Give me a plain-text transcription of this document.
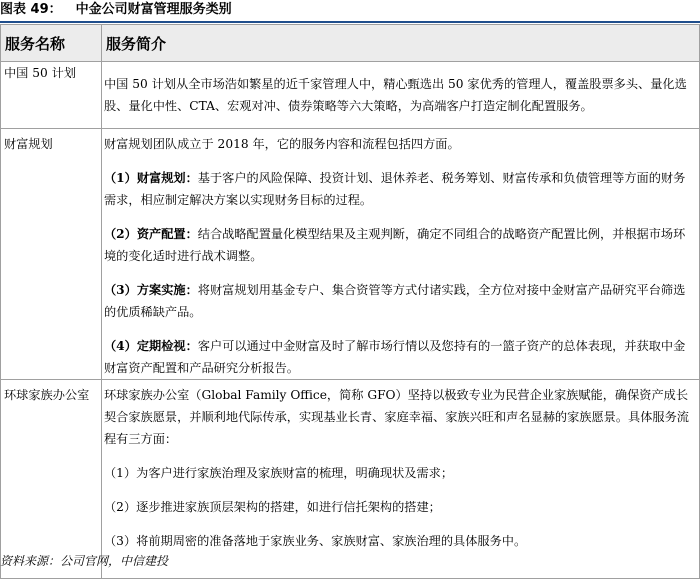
图表 49： 中金公司财富管理服务类别
服务名称	服务简介
中国 50 计划	中国 50 计划从全市场浩如繁星的近千家管理人中，精心甄选出 50 家优秀的管理人，覆盖股票多头、量化选股、量化中性、CTA、宏观对冲、债券策略等六大策略，为高端客户打造定制化配置服务。

财富规划	财富规划团队成立于 2018 年，它的服务内容和流程包括四方面。

（1）财富规划：基于客户的风险保障、投资计划、退休养老、税务筹划、财富传承和负债管理等方面的财务需求，相应制定解决方案以实现财务目标的过程。

（2）资产配置：结合战略配置量化模型结果及主观判断，确定不同组合的战略资产配置比例，并根据市场环境的变化适时进行战术调整。

（3）方案实施：将财富规划用基金专户、集合资管等方式付诸实践，全方位对接中金财富产品研究平台筛选的优质稀缺产品。

（4）定期检视：客户可以通过中金财富及时了解市场行情以及您持有的一篮子资产的总体表现，并获取中金财富资产配置和产品研究分析报告。

环球家族办公室	环球家族办公室（Global Family Office，简称 GFO）坚持以极致专业为民营企业家族赋能，确保资产成长契合家族愿景，并顺利地代际传承，实现基业长青、家庭幸福、家族兴旺和声名显赫的家族愿景。具体服务流程有三方面：

（1）为客户进行家族治理及家族财富的梳理，明确现状及需求；

（2）逐步推进家族顶层架构的搭建，如进行信托架构的搭建；

（3）将前期周密的准备落地于家族业务、家族财富、家族治理的具体服务中。

资料来源：公司官网，中信建投
